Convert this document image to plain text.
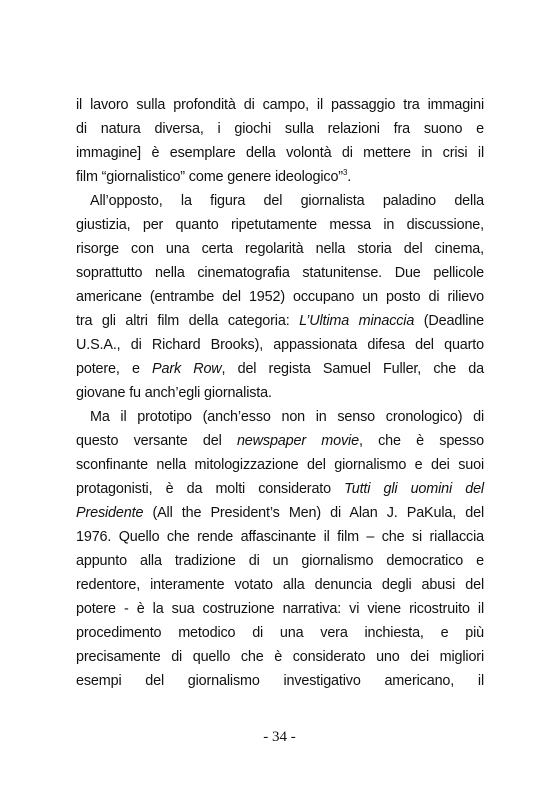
il lavoro sulla profondità di campo, il passaggio tra immagini
di natura diversa, i giochi sulla relazioni fra suono e
immagine] è esemplare della volontà di mettere in crisi il
film “giornalistico” come genere ideologico”$^3$.
All’opposto, la figura del giornalista paladino della
giustizia, per quanto ripetutamente messa in discussione,
risorge con una certa regolarità nella storia del cinema,
soprattutto nella cinematografia statunitense. Due pellicole
americane (entrambe del 1952) occupano un posto di rilievo
tra gli altri film della categoria: L’Ultima minaccia (Deadline
U.S.A., di Richard Brooks), appassionata difesa del quarto
potere, e Park Row, del regista Samuel Fuller, che da
giovane fu anch’egli giornalista.
Ma il prototipo (anch’esso non in senso cronologico) di
questo versante del newspaper movie, che è spesso
sconfinante nella mitologizzazione del giornalismo e dei suoi
protagonisti, è da molti considerato Tutti gli uomini del
Presidente (All the President’s Men) di Alan J. PaKula, del
1976. Quello che rende affascinante il film – che si riallaccia
appunto alla tradizione di un giornalismo democratico e
redentore, interamente votato alla denuncia degli abusi del
potere - è la sua costruzione narrativa: vi viene ricostruito il
procedimento metodico di una vera inchiesta, e più
precisamente di quello che è considerato uno dei migliori
esempi del giornalismo investigativo americano, il
- 34 -
